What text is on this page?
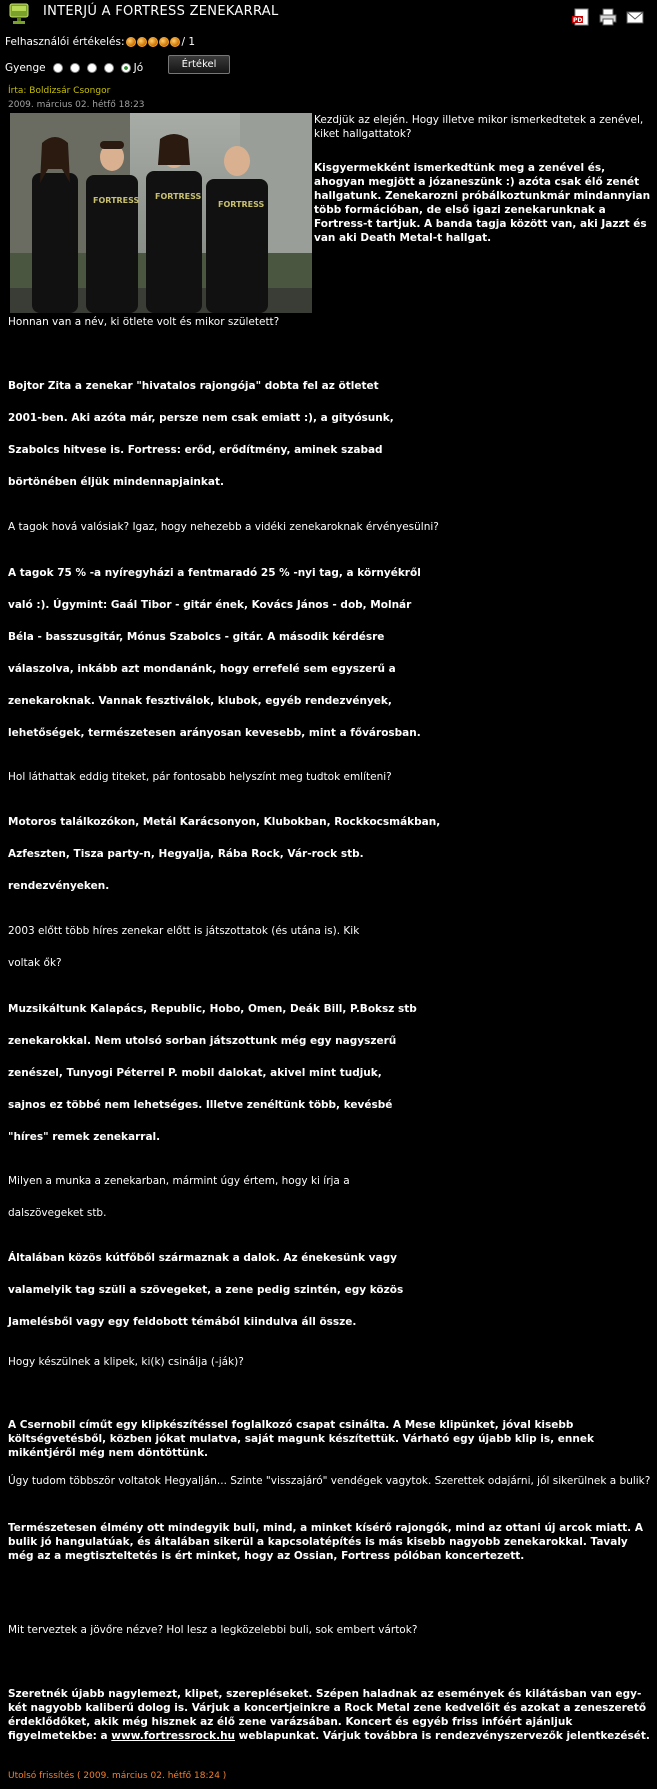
INTERJÚ A FORTRESS ZENEKARRAL
PDF
Felhasználói értékelés:	/ 1
Gyenge	Jó	Értékel
Írta: Boldizsár Csongor
2009. március 02. hétfő 18:23
FORTRESS FORTRESS
FORTRESS
Kezdjük az elején. Hogy illetve mikor ismerkedtetek a zenével, kiket hallgattatok?
Kisgyermekként ismerkedtünk meg a zenével és, ahogyan megjött a józaneszünk :) azóta csak élő zenét hallgatunk. Zenekarozni próbálkoztunkmár mindannyian több formációban, de első igazi zenekarunknak a Fortress-t tartjuk. A banda tagja között van, aki Jazzt és van aki Death Metal-t hallgat.
Honnan van a név, ki ötlete volt és mikor született?
Bojtor Zita a zenekar "hivatalos rajongója" dobta fel az ötletet
2001-ben. Aki azóta már, persze nem csak emiatt :), a gityósunk,
Szabolcs hitvese is. Fortress: erőd, erődítmény, aminek szabad
börtönében éljük mindennapjainkat.
A tagok hová valósiak? Igaz, hogy nehezebb a vidéki zenekaroknak érvényesülni?
A tagok 75 % -a nyíregyházi a fentmaradó 25 % -nyi tag, a környékről
való :). Úgymint: Gaál Tibor - gitár ének, Kovács János - dob, Molnár
Béla - basszusgitár, Mónus Szabolcs - gitár. A második kérdésre
válaszolva, inkább azt mondanánk, hogy errefelé sem egyszerű a
zenekaroknak. Vannak fesztiválok, klubok, egyéb rendezvények,
lehetőségek, természetesen arányosan kevesebb, mint a fővárosban.
Hol láthattak eddig titeket, pár fontosabb helyszínt meg tudtok említeni?
Motoros találkozókon, Metál Karácsonyon, Klubokban, Rockkocsmákban,
Azfeszten, Tisza party-n, Hegyalja, Rába Rock, Vár-rock stb.
rendezvényeken.
2003 előtt több híres zenekar előtt is játszottatok (és utána is). Kik
voltak ők?
Muzsikáltunk Kalapács, Republic, Hobo, Omen, Deák Bill, P.Boksz stb
zenekarokkal. Nem utolsó sorban játszottunk még egy nagyszerű
zenészel, Tunyogi Péterrel P. mobil dalokat, akivel mint tudjuk,
sajnos ez többé nem lehetséges. Illetve zenéltünk több, kevésbé
"híres" remek zenekarral.
Milyen a munka a zenekarban, mármint úgy értem, hogy ki írja a
dalszövegeket stb.
Általában közös kútfőből származnak a dalok. Az énekesünk vagy
valamelyik tag szüli a szövegeket, a zene pedig szintén, egy közös
Jamelésből vagy egy feldobott témából kiindulva áll össze.
Hogy készülnek a klipek, ki(k) csinálja (-ják)?
A Csernobil címűt egy klipkészítéssel foglalkozó csapat csinálta. A Mese klipünket, jóval kisebb költségvetésből, közben jókat mulatva, saját magunk készítettük. Várható egy újabb klip is, ennek mikéntjéről még nem döntöttünk.
Úgy tudom többször voltatok Hegyalján... Szinte "visszajáró" vendégek vagytok. Szerettek odajárni, jól sikerülnek a bulik?
Természetesen élmény ott mindegyik buli, mind, a minket kísérő rajongók, mind az ottani új arcok miatt. A bulik jó hangulatúak, és általában sikerül a kapcsolatépítés is más kisebb nagyobb zenekarokkal. Tavaly még az a megtiszteltetés is ért minket, hogy az Ossian, Fortress pólóban koncertezett.
Mit terveztek a jövőre nézve? Hol lesz a legközelebbi buli, sok embert vártok?
Szeretnék újabb nagylemezt, klipet, szerepléseket. Szépen haladnak az események és kilátásban van egy-két nagyobb kaliberű dolog is. Várjuk a koncertjeinkre a Rock Metal zene kedvelőit és azokat a zeneszerető érdeklődőket, akik még hisznek az élő zene varázsában. Koncert és egyéb friss infóért ajánljuk figyelmetekbe: a www.fortressrock.hu weblapunkat. Várjuk továbbra is rendezvényszervezők jelentkezését.
Utolsó frissítés ( 2009. március 02. hétfő 18:24 )
